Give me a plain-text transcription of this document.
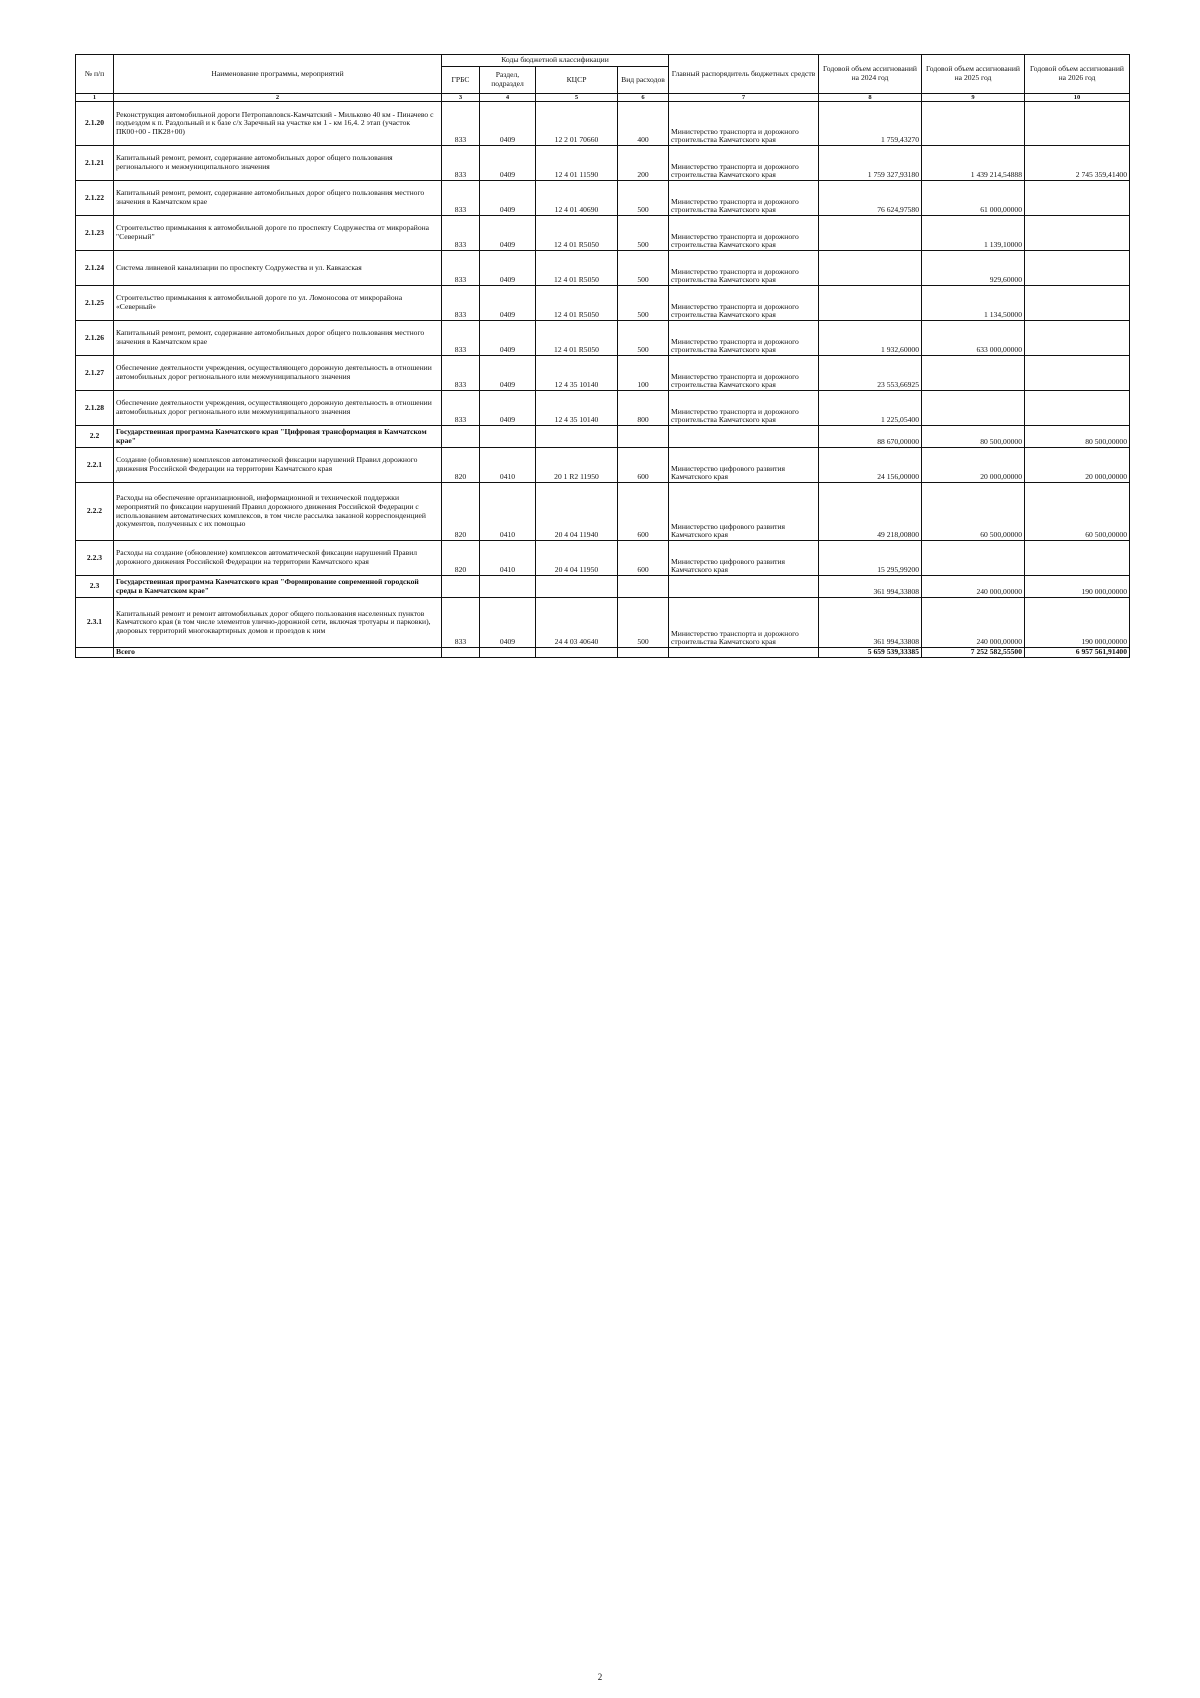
№ п/п	Наименование программы, мероприятий	Коды бюджетной классификации				Главный распорядитель бюджетных средств	Годовой объем ассигнований на 2024 год	Годовой объем ассигнований на 2025 год	Годовой объем ассигнований на 2026 год
		ГРБС	Раздел, подраздел	КЦСР	Вид расходов				
1	2	3	4	5	6	7	8	9	10
2.1.20	Реконструкция автомобильной дороги Петропавловск-Камчатский - Мильково 40 км - Пиначево с подъездом к п. Раздольный и к базе с/х Заречный на участке км 1 - км 16,4. 2 этап (участок ПК00+00 - ПК28+00)	833	0409	12 2 01 70660	400	Министерство транспорта и дорожного строительства Камчатского края	1 759,43270		
2.1.21	Капитальный ремонт, ремонт, содержание автомобильных дорог общего пользования регионального и межмуниципального значения	833	0409	12 4 01 11590	200	Министерство транспорта и дорожного строительства Камчатского края	1 759 327,93180	1 439 214,54888	2 745 359,41400
2.1.22	Капитальный ремонт, ремонт, содержание автомобильных дорог общего пользования местного значения в Камчатском крае	833	0409	12 4 01 40690	500	Министерство транспорта и дорожного строительства Камчатского края	76 624,97580	61 000,00000	
2.1.23	Строительство примыкания к автомобильной дороге по проспекту Содружества от микрорайона "Северный"	833	0409	12 4 01 R5050	500	Министерство транспорта и дорожного строительства Камчатского края		1 139,10000	
2.1.24	Система ливневой канализации по проспекту Содружества и ул. Кавказская	833	0409	12 4 01 R5050	500	Министерство транспорта и дорожного строительства Камчатского края		929,60000	
2.1.25	Строительство примыкания к автомобильной дороге по ул. Ломоносова от микрорайона «Северный»	833	0409	12 4 01 R5050	500	Министерство транспорта и дорожного строительства Камчатского края		1 134,50000	
2.1.26	Капитальный ремонт, ремонт, содержание автомобильных дорог общего пользования местного значения в Камчатском крае	833	0409	12 4 01 R5050	500	Министерство транспорта и дорожного строительства Камчатского края	1 932,60000	633 000,00000	
2.1.27	Обеспечение деятельности учреждения, осуществляющего дорожную деятельность в отношении автомобильных дорог регионального или межмуниципального значения	833	0409	12 4 35 10140	100	Министерство транспорта и дорожного строительства Камчатского края	23 553,66925		
2.1.28	Обеспечение деятельности учреждения, осуществляющего дорожную деятельность в отношении автомобильных дорог регионального или межмуниципального значения	833	0409	12 4 35 10140	800	Министерство транспорта и дорожного строительства Камчатского края	1 225,05400		
2.2	Государственная программа Камчатского края "Цифровая трансформация в Камчатском крае"						88 670,00000	80 500,00000	80 500,00000
2.2.1	Создание (обновление) комплексов автоматической фиксации нарушений Правил дорожного движения Российской Федерации на территории Камчатского края	820	0410	20 1 R2 11950	600	Министерство цифрового развития Камчатского края	24 156,00000	20 000,00000	20 000,00000
2.2.2	Расходы на обеспечение организационной, информационной и технической поддержки мероприятий по фиксации нарушений Правил дорожного движения Российской Федерации с использованием автоматических комплексов, в том числе рассылка заказной корреспонденцией документов, полученных с их помощью	820	0410	20 4 04 11940	600	Министерство цифрового развития Камчатского края	49 218,00800	60 500,00000	60 500,00000
2.2.3	Расходы на создание (обновление) комплексов автоматической фиксации нарушений Правил дорожного движения Российской Федерации на территории Камчатского края	820	0410	20 4 04 11950	600	Министерство цифрового развития Камчатского края	15 295,99200		
2.3	Государственная программа Камчатского края "Формирование современной городской среды в Камчатском крае"						361 994,33808	240 000,00000	190 000,00000
2.3.1	Капитальный ремонт и ремонт автомобильных дорог общего пользования населенных пунктов Камчатского края (в том числе элементов улично-дорожной сети, включая тротуары и парковки), дворовых территорий многоквартирных домов и проездов к ним	833	0409	24 4 03 40640	500	Министерство транспорта и дорожного строительства Камчатского края	361 994,33808	240 000,00000	190 000,00000
	Всего						5 659 539,33385	7 252 582,55500	6 957 561,91400
2
